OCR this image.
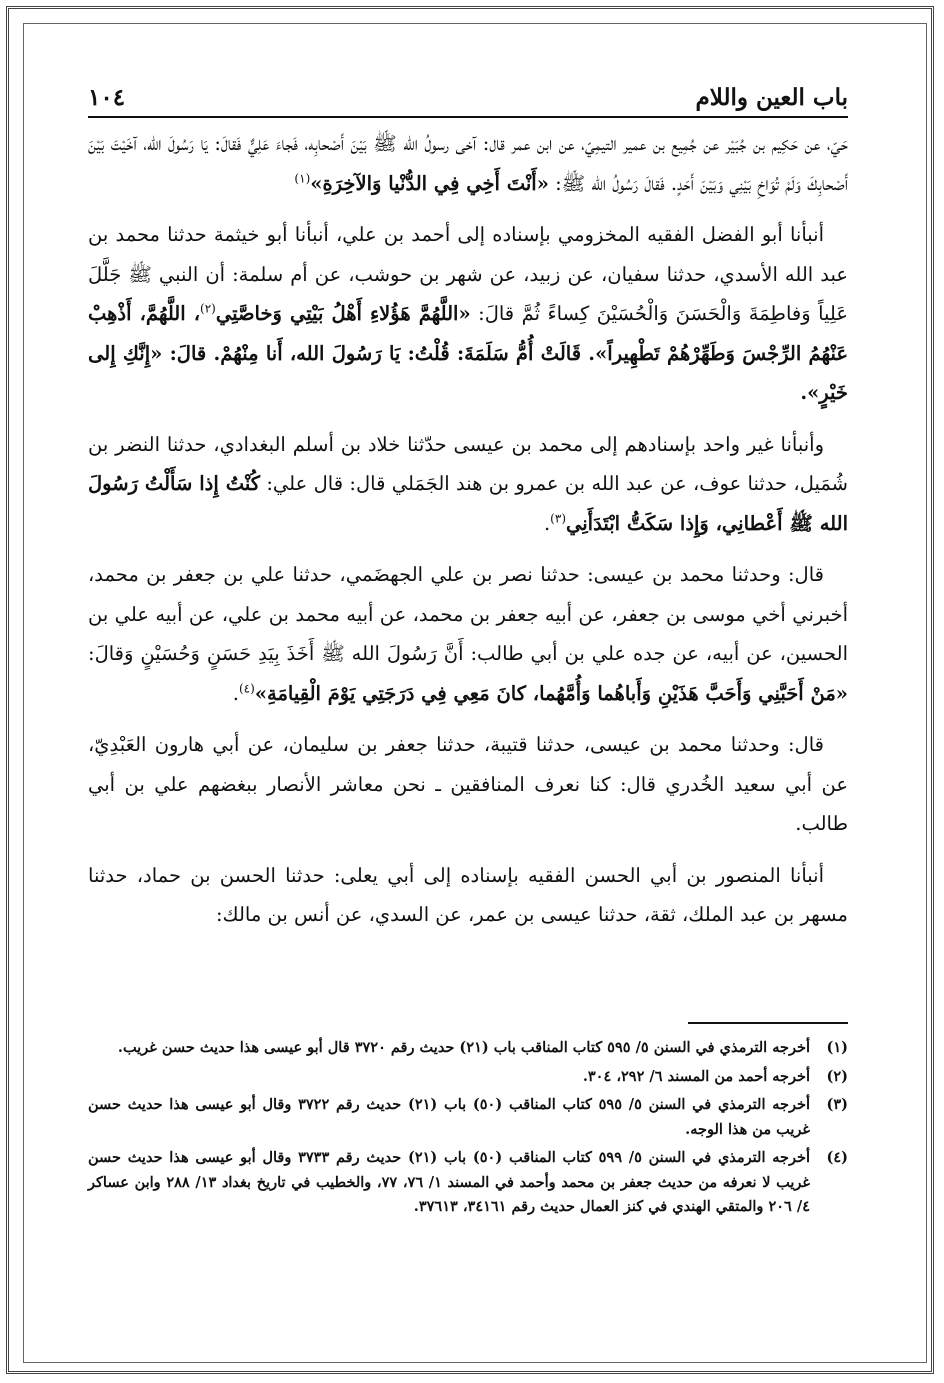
١٠٤	باب العين واللام

حَيّ، عن حَكِيم بن جُبَيْر عن جُمِيع بن عمير التيمِيّ، عن ابن عمر قال: آخى رسولُ الله ﷺ بَيْنَ أَصْحابِه، فَجاءَ عَلِيٌّ فَقالَ: يَا رَسُولَ الله، آخَيْتَ بَيْنَ أَصْحابِكَ وَلَمْ تُوَاخِ بَيْنِي وَبَيْنَ أَحَدٍ. فَقالَ رَسُولُ الله ﷺ: «أَنْتَ أَخِي فِي الدُّنْيا وَالآخِرَةِ»$^{(١)}$

أنبأنا أبو الفضل الفقيه المخزومي بإسناده إلى أحمد بن علي، أنبأنا أبو خيثمة حدثنا محمد بن عبد الله الأسدي، حدثنا سفيان، عن زبيد، عن شهر بن حوشب، عن أم سلمة: أن النبي ﷺ جَلَّلَ عَلِياً وَفاطِمَةَ وَالْحَسَنَ وَالْحُسَيْنَ كِساءً ثُمَّ قالَ: «اللَّهُمَّ هَؤُلاءِ أَهْلُ بَيْتِي وَخاصَّتِي$^{(٢)}$، اللَّهُمَّ، أَذْهِبْ عَنْهُمُ الرِّجْسَ وَطَهِّرْهُمْ تَطْهِيراً». قَالَتْ أُمُّ سَلَمَةَ: قُلْتُ: يَا رَسُولَ الله، أَنا مِنْهُمْ. قالَ: «إِنَّكِ إِلى خَيْرٍ».

وأنبأنا غير واحد بإسنادهم إلى محمد بن عيسى حدّثنا خلاد بن أسلم البغدادي، حدثنا النضر بن شُمَيل، حدثنا عوف، عن عبد الله بن عمرو بن هند الجَمَلي قال: قال علي: كُنْتُ إِذا سَأَلْتُ رَسُولَ الله ﷺ أَعْطانِي، وَإِذا سَكَتُّ ابْتَدَأَنِي$^{(٣)}$.

قال: وحدثنا محمد بن عيسى: حدثنا نصر بن علي الجهضَمي، حدثنا علي بن جعفر بن محمد، أخبرني أخي موسى بن جعفر، عن أبيه جعفر بن محمد، عن أبيه محمد بن علي، عن أبيه علي بن الحسين، عن أبيه، عن جده علي بن أبي طالب: أَنَّ رَسُولَ الله ﷺ أَخَذَ بِيَدِ حَسَنٍ وَحُسَيْنٍ وَقالَ: «مَنْ أَحَبَّنِي وَأَحَبَّ هَذَيْنِ وَأَباهُما وَأُمَّهُما، كانَ مَعِي فِي دَرَجَتِي يَوْمَ الْقِيامَةِ»$^{(٤)}$.

قال: وحدثنا محمد بن عيسى، حدثنا قتيبة، حدثنا جعفر بن سليمان، عن أبي هارون العَبْدِيّ، عن أبي سعيد الخُدري قال: كنا نعرف المنافقين ـ نحن معاشر الأنصار ببغضهم علي بن أبي طالب.

أنبأنا المنصور بن أبي الحسن الفقيه بإسناده إلى أبي يعلى: حدثنا الحسن بن حماد، حدثنا مسهر بن عبد الملك، ثقة، حدثنا عيسى بن عمر، عن السدي، عن أنس بن مالك:

(١)
أخرجه الترمذي في السنن ٥/ ٥٩٥ كتاب المناقب باب (٢١) حديث رقم ٣٧٢٠ قال أبو عيسى هذا حديث حسن غريب.
(٢)
أخرجه أحمد من المسند ٦/ ٢٩٢، ٣٠٤.
(٣)
أخرجه الترمذي في السنن ٥/ ٥٩٥ كتاب المناقب (٥٠) باب (٢١) حديث رقم ٣٧٢٢ وقال أبو عيسى هذا حديث حسن غريب من هذا الوجه.
(٤)
أخرجه الترمذي في السنن ٥/ ٥٩٩ كتاب المناقب (٥٠) باب (٢١) حديث رقم ٣٧٣٣ وقال أبو عيسى هذا حديث حسن غريب لا نعرفه من حديث جعفر بن محمد وأحمد في المسند ١/ ٧٦، ٧٧، والخطيب في تاريخ بغداد ١٣/ ٢٨٨ وابن عساكر ٤/ ٢٠٦ والمتقي الهندي في كنز العمال حديث رقم ٣٤١٦١، ٣٧٦١٣.
